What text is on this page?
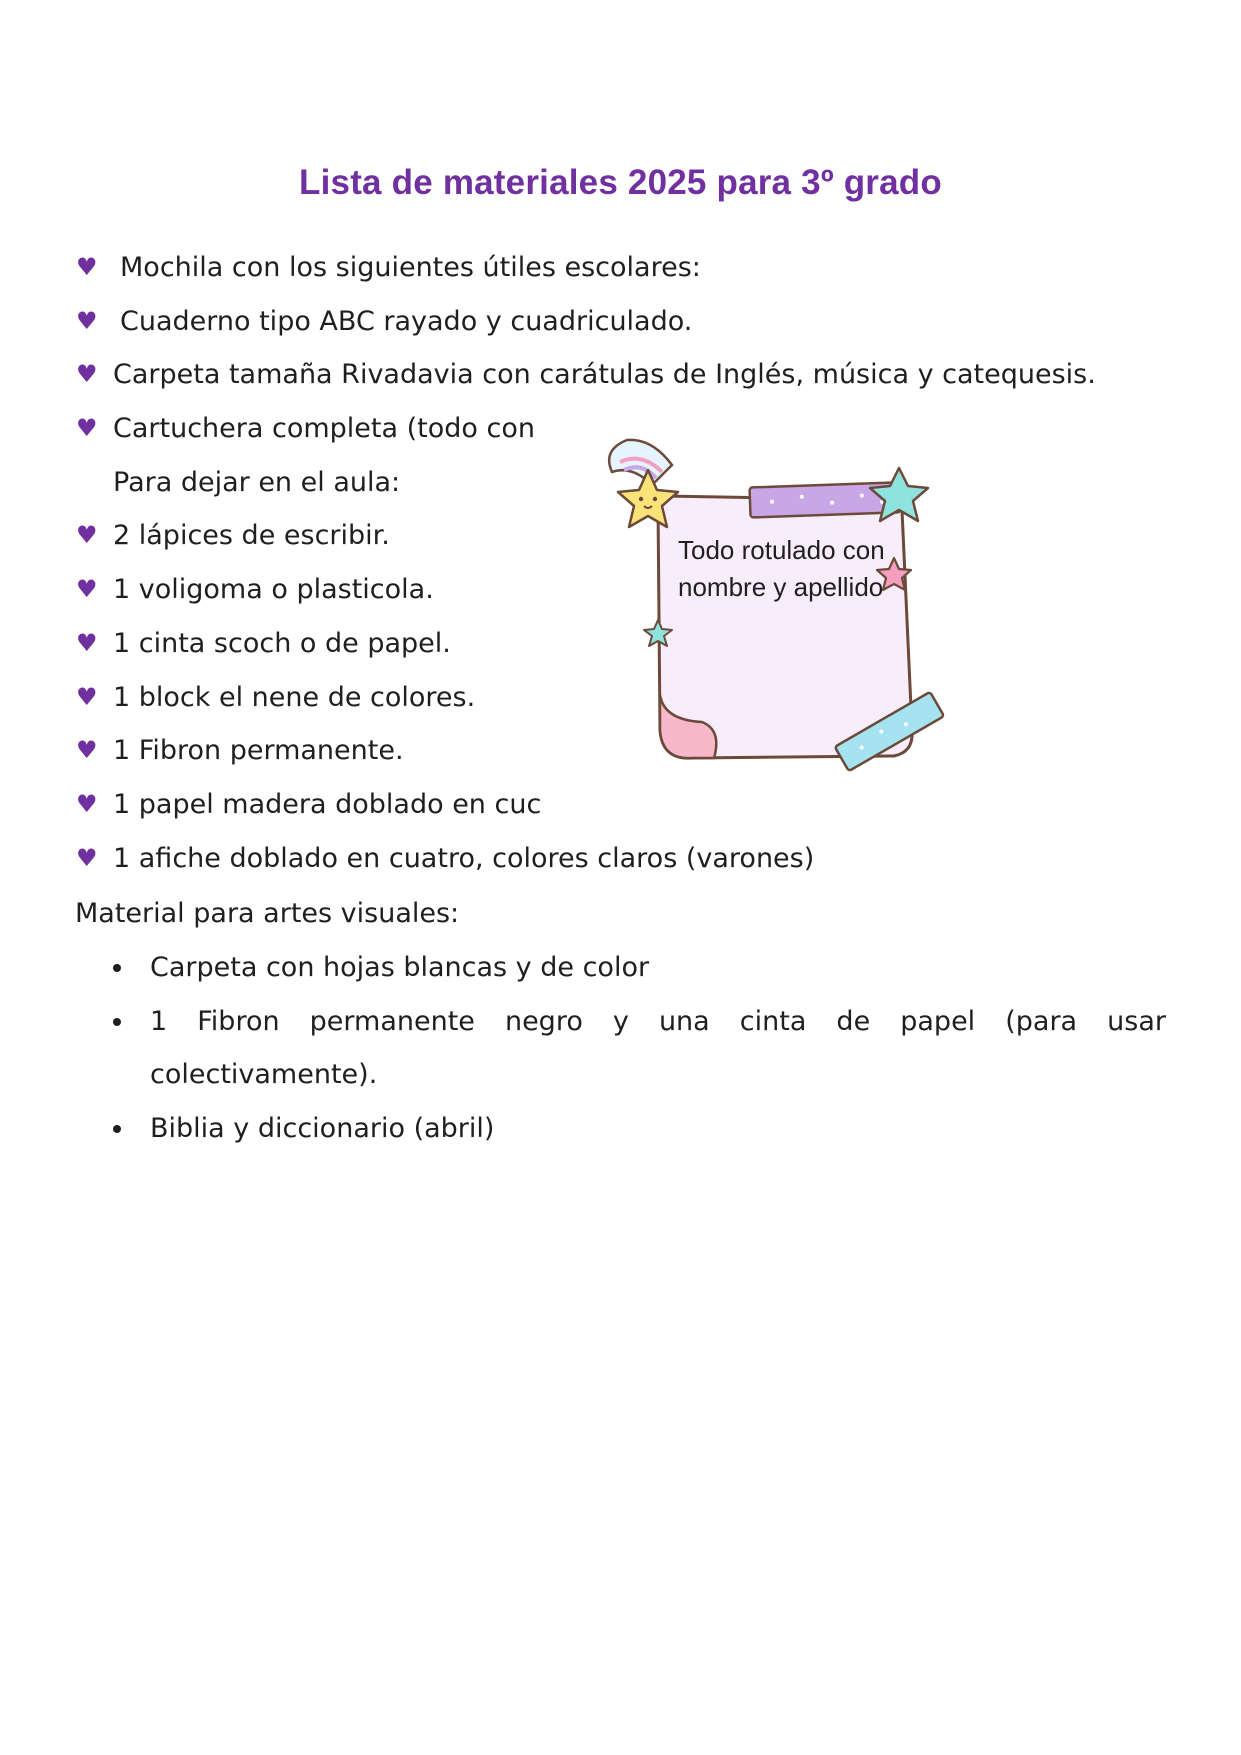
Lista de materiales 2025 para 3º grado
♥ Mochila con los siguientes útiles escolares:
♥ Cuaderno tipo ABC rayado y cuadriculado.
♥ Carpeta tamaña Rivadavia con carátulas de Inglés, música y catequesis.
♥ Cartuchera completa (todo con
Para dejar en el aula:
♥ 2 lápices de escribir.
♥ 1 voligoma o plasticola.
♥ 1 cinta scoch o de papel.
♥ 1 block el nene de colores.
♥ 1 Fibron permanente.
♥ 1 papel madera doblado en cuc
♥ 1 afiche doblado en cuatro, colores claros (varones)

Material para artes visuales:

Carpeta con hojas blancas y de color
1 Fibron permanente negro y una cinta de papel (para usar colectivamente).
Biblia y diccionario (abril)

Todo rotulado con nombre y apellido
